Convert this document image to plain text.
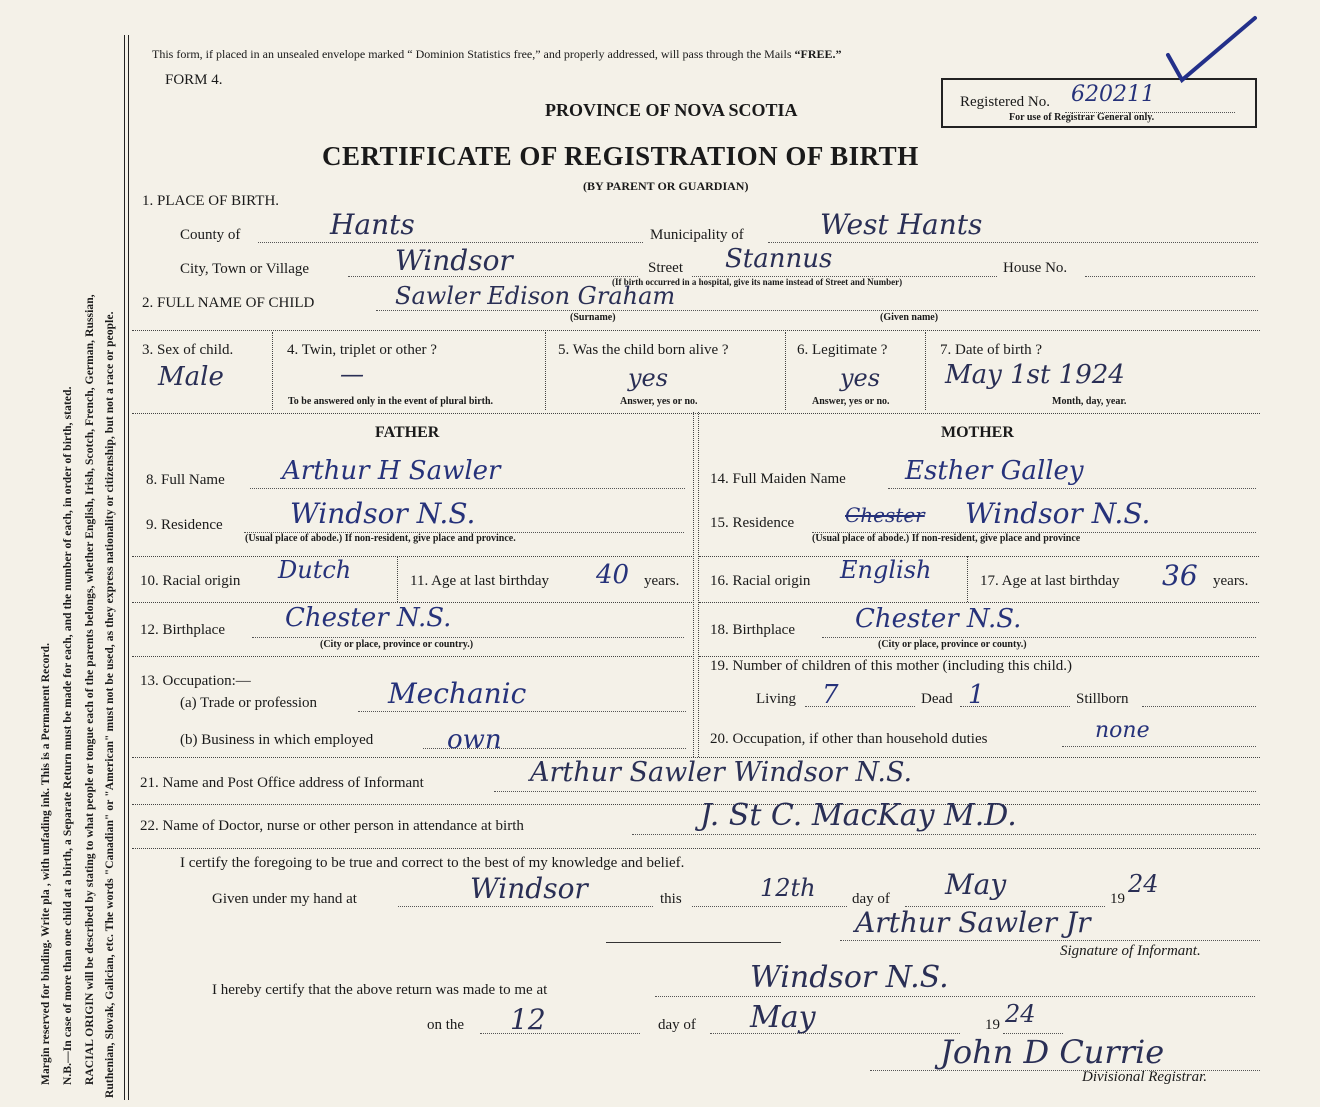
Margin reserved for binding. Write pla , with unfading ink. This is a Permanent Record. N.B.—In case of more than one child at a birth, a Separate Return must be made for each, and the number of each, in order of birth, stated. RACIAL ORIGIN will be described by stating to what people or tongue each of the parents belongs, whether English, Irish, Scotch, French, German, Russian, Ruthenian, Slovak, Galician, etc. The words "Canadian" or "American" must not be used, as they express nationality or citizenship, but not a race or people.
This form, if placed in an unsealed envelope marked “ Dominion Statistics free,” and properly addressed, will pass through the Mails “FREE.”
FORM 4.
PROVINCE OF NOVA SCOTIA
CERTIFICATE OF REGISTRATION OF BIRTH
(BY PARENT OR GUARDIAN)
Registered No. 620211
For use of Registrar General only.
1. PLACE OF BIRTH.
County of	Hants	Municipality of	West Hants
City, Town or Village	Windsor	Street Stannus
(If birth occurred in a hospital, give its name instead of Street and Number)
House No.
2. FULL NAME OF CHILD	Sawler Edison Graham
(Surname)	(Given name)
3. Sex of child.
Male
4. Twin, triplet or other ?
—
To be answered only in the event of plural birth.
5. Was the child born alive ?
yes
Answer, yes or no.
6. Legitimate ?
yes
Answer, yes or no.
7. Date of birth ?
May 1st 1924
Month, day, year.
FATHER	MOTHER
8. Full Name Arthur H Sawler
9. Residence Windsor N.S.
(Usual place of abode.) If non-resident, give place and province.
10. Racial origin Dutch	11. Age at last birthday 40 years.
12. Birthplace Chester N.S.
(City or place, province or country.)
13. Occupation:—
(a) Trade or profession	Mechanic
(b) Business in which employed	own
14. Full Maiden Name Esther Galley
15. Residence	Chester Windsor N.S.
(Usual place of abode.) If non-resident, give place and province
16. Racial origin English	17. Age at last birthday 36 years.
18. Birthplace Chester N.S.
(City or place, province or county.)
19. Number of children of this mother (including this child.)
Living 7	Dead 1	Stillborn
20. Occupation, if other than household duties	none
21. Name and Post Office address of Informant	Arthur Sawler Windsor N.S.
22. Name of Doctor, nurse or other person in attendance at birth	J. St C. MacKay M.D.
I certify the foregoing to be true and correct to the best of my knowledge and belief.
Given under my hand at	Windsor	this	12th day of May	19
24
Arthur Sawler Jr
Signature of Informant.
I hereby certify that the above return was made to me at	Windsor N.S.
on the 12	day of May	19 24
John D Currie
Divisional Registrar.
